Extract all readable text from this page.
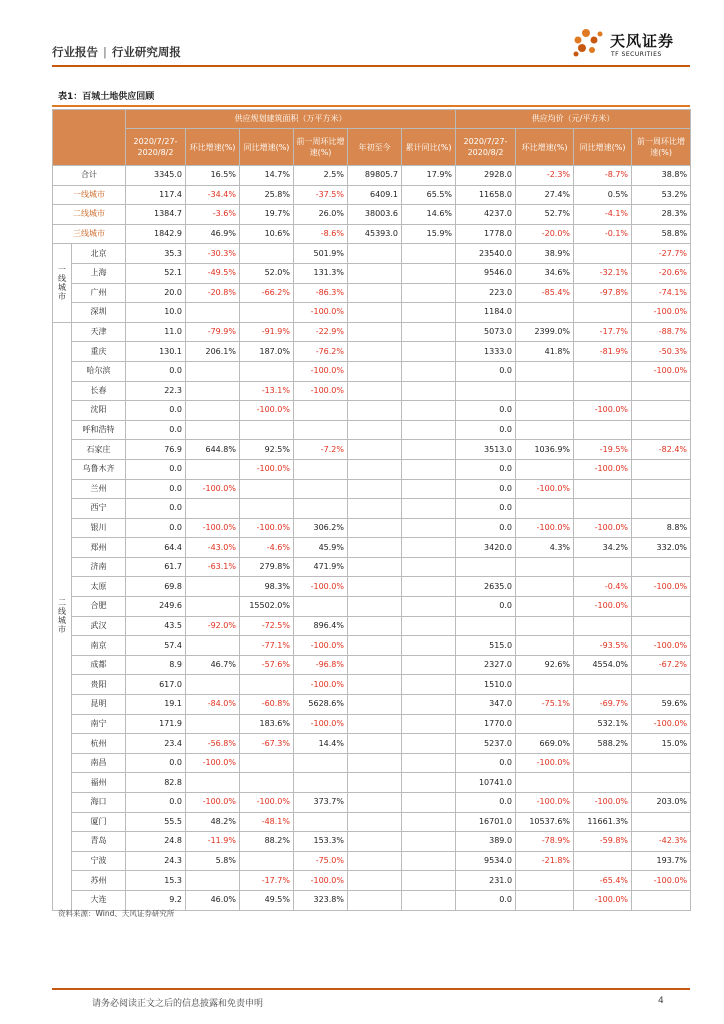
行业报告 | 行业研究周报
天风证券
TF SECURITIES
表1：百城土地供应回顾
		供应规划建筑面积（万平方米）						供应均价（元/平方米）			
		2020/7/27-2020/8/2	环比增速(%)	同比增速(%)	前一周环比增速(%)	年初至今	累计同比(%)	2020/7/27-2020/8/2	环比增速(%)	同比增速(%)	前一周环比增速(%)
合计		3345.0	16.5%	14.7%	2.5%	89805.7	17.9%	2928.0	-2.3%	-8.7%	38.8%
一线城市		117.4	-34.4%	25.8%	-37.5%	6409.1	65.5%	11658.0	27.4%	0.5%	53.2%
二线城市		1384.7	-3.6%	19.7%	26.0%	38003.6	14.6%	4237.0	52.7%	-4.1%	28.3%
三线城市		1842.9	46.9%	10.6%	-8.6%	45393.0	15.9%	1778.0	-20.0%	-0.1%	58.8%
一线城市	北京	35.3	-30.3%		501.9%			23540.0	38.9%		-27.7%
	上海	52.1	-49.5%	52.0%	131.3%			9546.0	34.6%	-32.1%	-20.6%
	广州	20.0	-20.8%	-66.2%	-86.3%			223.0	-85.4%	-97.8%	-74.1%
	深圳	10.0			-100.0%			1184.0			-100.0%
二线城市	天津	11.0	-79.9%	-91.9%	-22.9%			5073.0	2399.0%	-17.7%	-88.7%
	重庆	130.1	206.1%	187.0%	-76.2%			1333.0	41.8%	-81.9%	-50.3%
	哈尔滨	0.0			-100.0%			0.0			-100.0%
	长春	22.3		-13.1%	-100.0%						
	沈阳	0.0		-100.0%				0.0		-100.0%	
	呼和浩特	0.0						0.0			
	石家庄	76.9	644.8%	92.5%	-7.2%			3513.0	1036.9%	-19.5%	-82.4%
	乌鲁木齐	0.0		-100.0%				0.0		-100.0%	
	兰州	0.0	-100.0%					0.0	-100.0%		
	西宁	0.0						0.0			
	银川	0.0	-100.0%	-100.0%	306.2%			0.0	-100.0%	-100.0%	8.8%
	郑州	64.4	-43.0%	-4.6%	45.9%			3420.0	4.3%	34.2%	332.0%
	济南	61.7	-63.1%	279.8%	471.9%						
	太原	69.8		98.3%	-100.0%			2635.0		-0.4%	-100.0%
	合肥	249.6		15502.0%				0.0		-100.0%	
	武汉	43.5	-92.0%	-72.5%	896.4%						
	南京	57.4		-77.1%	-100.0%			515.0		-93.5%	-100.0%
	成都	8.9	46.7%	-57.6%	-96.8%			2327.0	92.6%	4554.0%	-67.2%
	贵阳	617.0			-100.0%			1510.0			
	昆明	19.1	-84.0%	-60.8%	5628.6%			347.0	-75.1%	-69.7%	59.6%
	南宁	171.9		183.6%	-100.0%			1770.0		532.1%	-100.0%
	杭州	23.4	-56.8%	-67.3%	14.4%			5237.0	669.0%	588.2%	15.0%
	南昌	0.0	-100.0%					0.0	-100.0%		
	福州	82.8						10741.0			
	海口	0.0	-100.0%	-100.0%	373.7%			0.0	-100.0%	-100.0%	203.0%
	厦门	55.5	48.2%	-48.1%				16701.0	10537.6%	11661.3%	
	青岛	24.8	-11.9%	88.2%	153.3%			389.0	-78.9%	-59.8%	-42.3%
	宁波	24.3	5.8%		-75.0%			9534.0	-21.8%		193.7%
	苏州	15.3		-17.7%	-100.0%			231.0		-65.4%	-100.0%
	大连	9.2	46.0%	49.5%	323.8%			0.0		-100.0%	
资料来源：Wind、天风证券研究所
请务必阅读正文之后的信息披露和免责申明	4
